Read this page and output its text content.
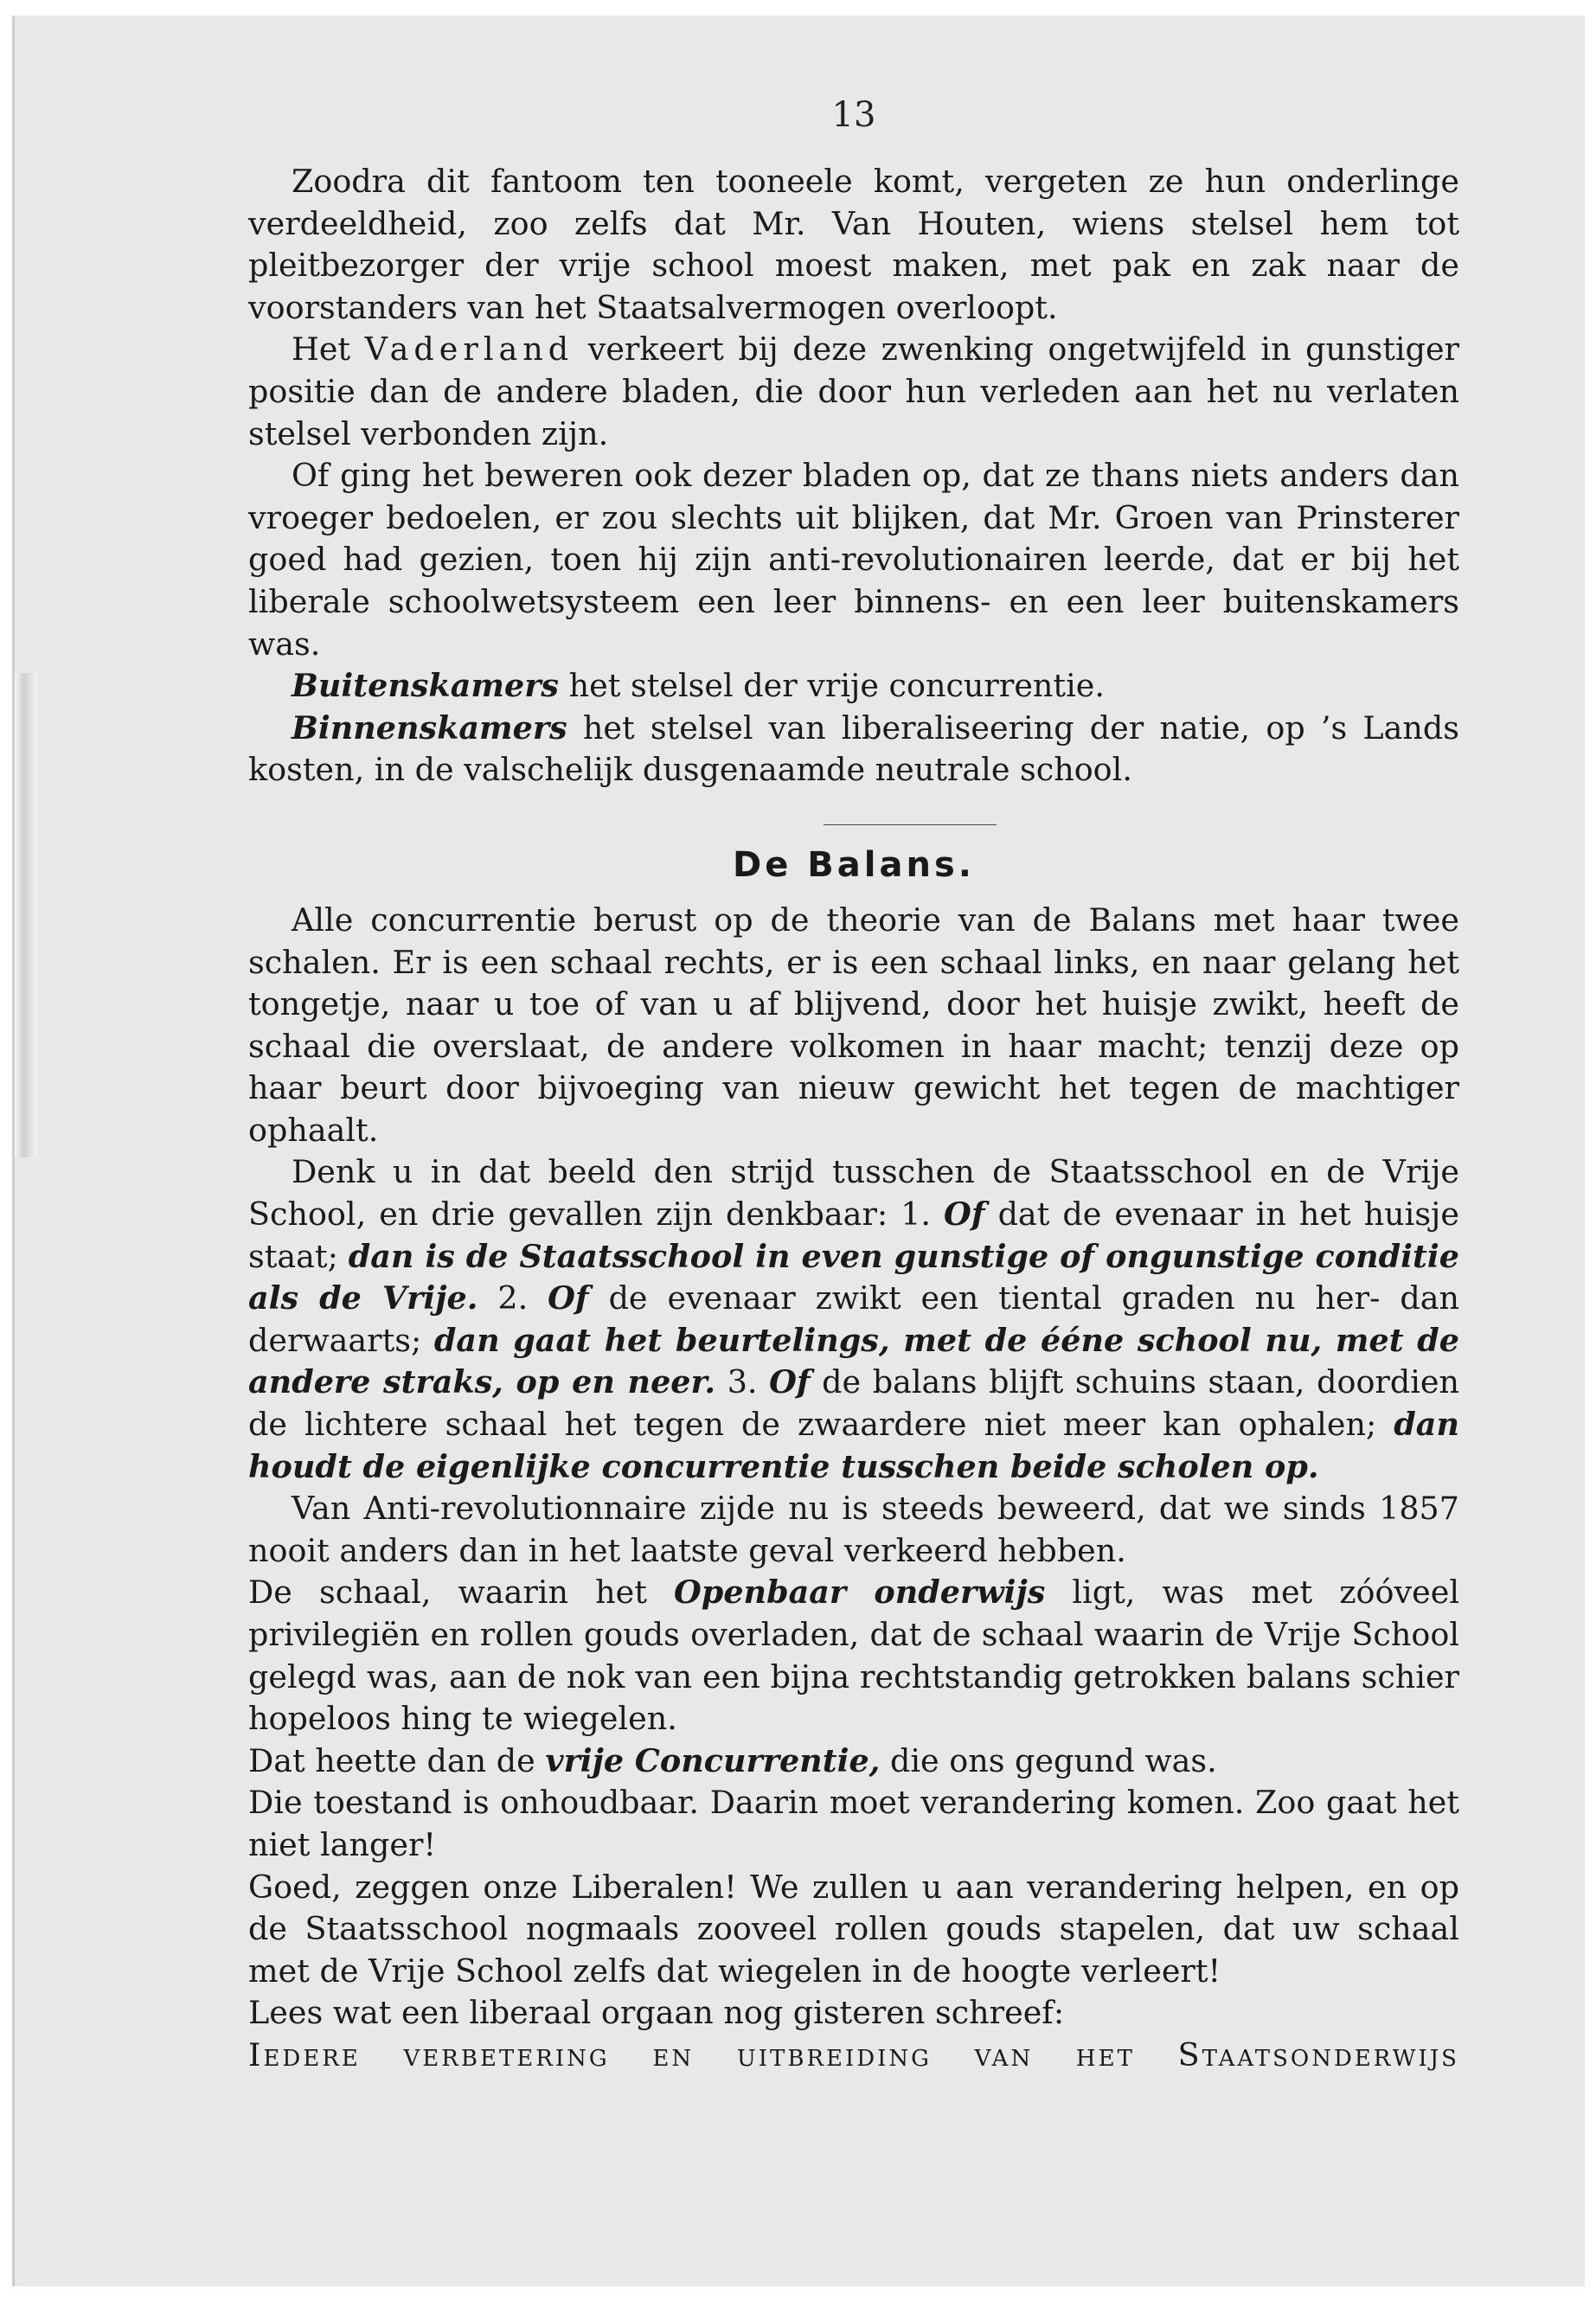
13

Zoodra dit fantoom ten tooneele komt, vergeten ze hun onderlinge verdeeldheid, zoo zelfs dat Mr. Van Houten, wiens stelsel hem tot pleitbezorger der vrije school moest maken, met pak en zak naar de voorstanders van het Staatsalvermogen overloopt.

Het Vaderland verkeert bij deze zwenking ongetwijfeld in gunstiger positie dan de andere bladen, die door hun verleden aan het nu verlaten stelsel verbonden zijn.

Of ging het beweren ook dezer bladen op, dat ze thans niets anders dan vroeger bedoelen, er zou slechts uit blijken, dat Mr. Groen van Prinsterer goed had gezien, toen hij zijn anti-revolutionairen leerde, dat er bij het liberale schoolwetsysteem een leer binnens- en een leer buitenskamers was.

Buitenskamers het stelsel der vrije concurrentie.

Binnenskamers het stelsel van liberaliseering der natie, op ’s Lands kosten, in de valschelijk dusgenaamde neutrale school.

De Balans.

Alle concurrentie berust op de theorie van de Balans met haar twee schalen. Er is een schaal rechts, er is een schaal links, en naar gelang het tongetje, naar u toe of van u af blijvend, door het huisje zwikt, heeft de schaal die overslaat, de andere volkomen in haar macht; tenzij deze op haar beurt door bijvoeging van nieuw gewicht het tegen de machtiger ophaalt.

Denk u in dat beeld den strijd tusschen de Staatsschool en de Vrije School, en drie gevallen zijn denkbaar: 1. Of dat de evenaar in het huisje staat; dan is de Staatsschool in even gunstige of ongunstige conditie als de Vrije. 2. Of de evenaar zwikt een tiental graden nu her- dan derwaarts; dan gaat het beurtelings, met de ééne school nu, met de andere straks, op en neer. 3. Of de balans blijft schuins staan, doordien de lichtere schaal het tegen de zwaardere niet meer kan ophalen; dan houdt de eigenlijke concurrentie tusschen beide scholen op.

Van Anti-revolutionnaire zijde nu is steeds beweerd, dat we sinds 1857 nooit anders dan in het laatste geval verkeerd hebben.

De schaal, waarin het Openbaar onderwijs ligt, was met zóóveel privilegiën en rollen gouds overladen, dat de schaal waarin de Vrije School gelegd was, aan de nok van een bijna rechtstandig getrokken balans schier hopeloos hing te wiegelen.

Dat heette dan de vrije Concurrentie, die ons gegund was.

Die toestand is onhoudbaar. Daarin moet verandering komen. Zoo gaat het niet langer!

Goed, zeggen onze Liberalen! We zullen u aan verandering helpen, en op de Staatsschool nogmaals zooveel rollen gouds stapelen, dat uw schaal met de Vrije School zelfs dat wiegelen in de hoogte verleert!

Lees wat een liberaal orgaan nog gisteren schreef:

Iedere verbetering en uitbreiding van het Staatsonderwijs
